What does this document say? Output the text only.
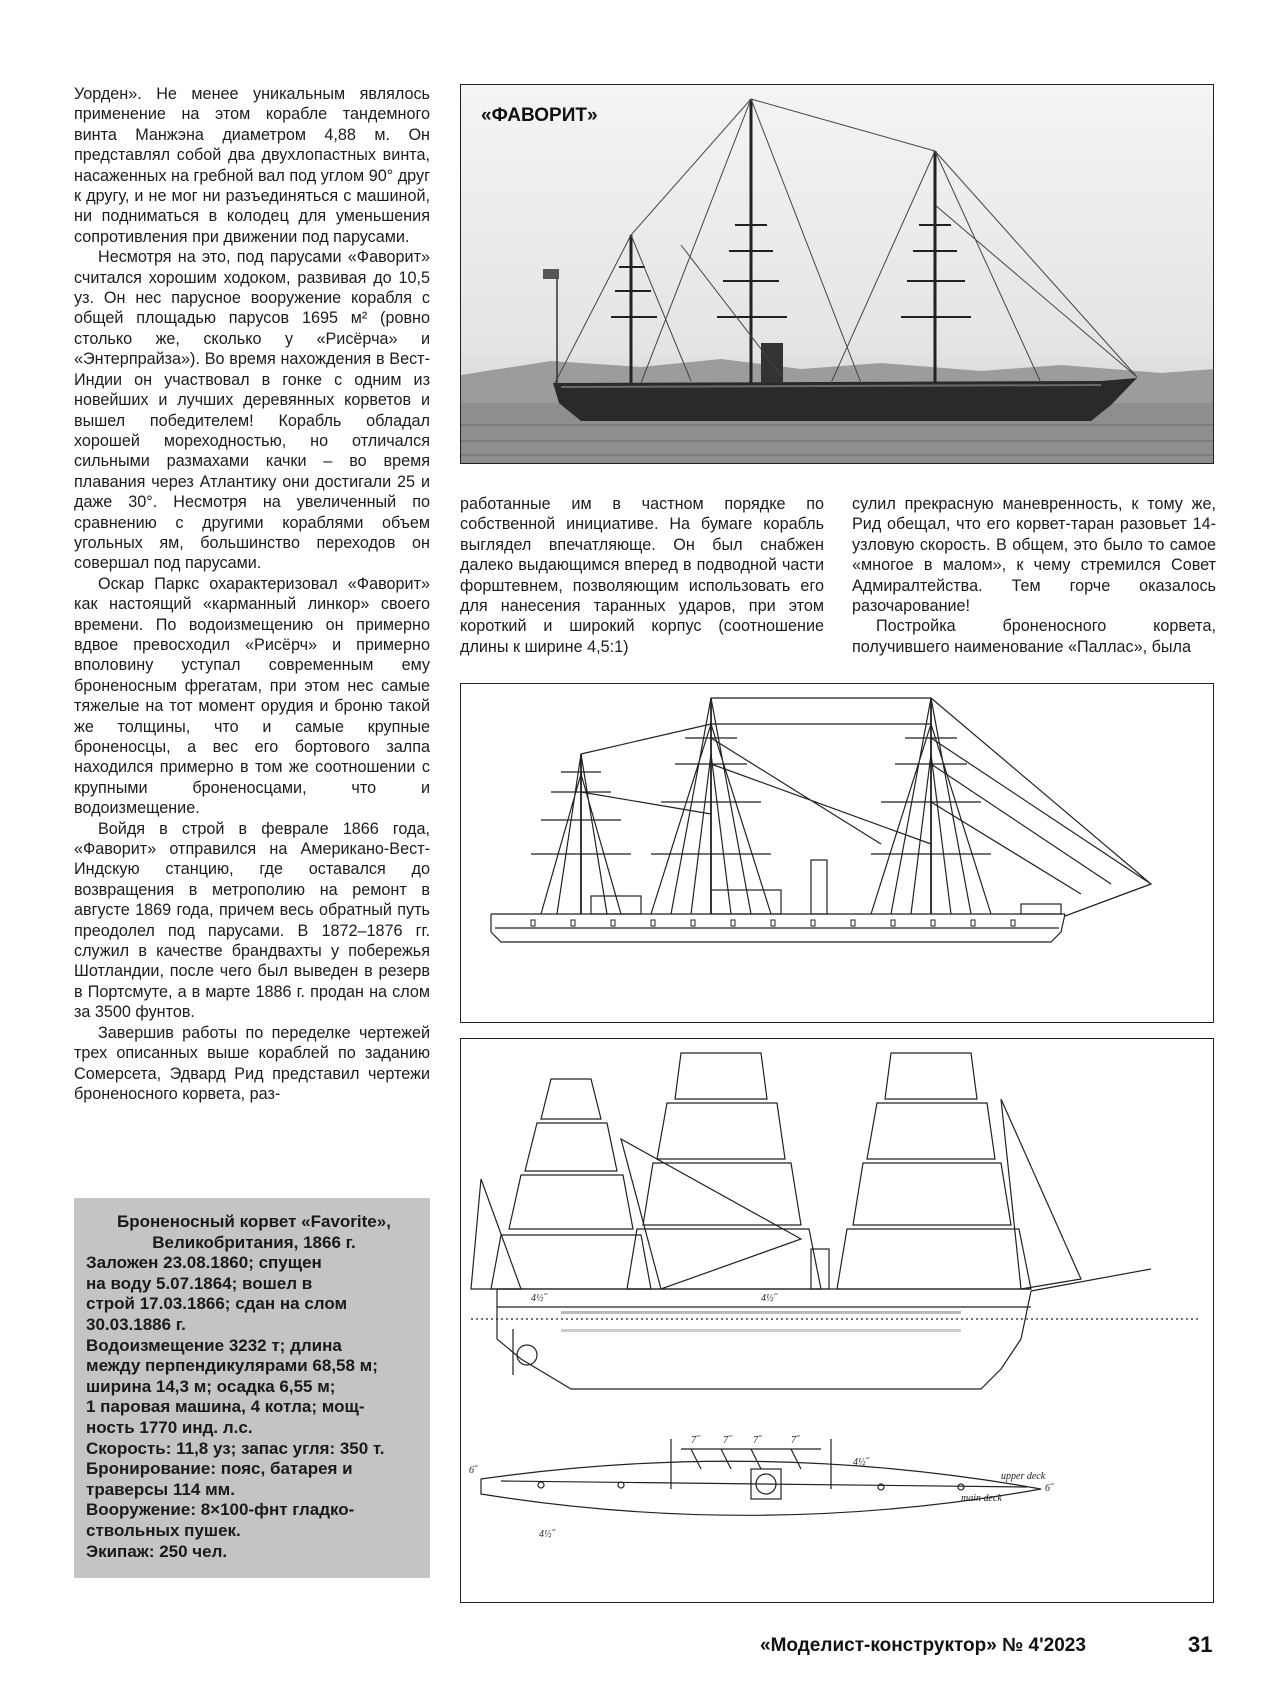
Уорден». Не менее уникальным являлось применение на этом корабле тандемного винта Манжэна диаметром 4,88 м. Он представлял собой два двухлопастных винта, насаженных на гребной вал под углом 90° друг к другу, и не мог ни разъединяться с машиной, ни подниматься в колодец для уменьшения сопротивления при движении под парусами.

Несмотря на это, под парусами «Фаворит» считался хорошим ходоком, развивая до 10,5 уз. Он нес парусное вооружение корабля с общей площадью парусов 1695 м² (ровно столько же, сколько у «Рисёрча» и «Энтерпрайза»). Во время нахождения в Вест-Индии он участвовал в гонке с одним из новейших и лучших деревянных корветов и вышел победителем! Корабль обладал хорошей мореходностью, но отличался сильными размахами качки – во время плавания через Атлантику они достигали 25 и даже 30°. Несмотря на увеличенный по сравнению с другими кораблями объем угольных ям, большинство переходов он совершал под парусами.

Оскар Паркс охарактеризовал «Фаворит» как настоящий «карманный линкор» своего времени. По водоизмещению он примерно вдвое превосходил «Рисёрч» и примерно вполовину уступал современным ему броненосным фрегатам, при этом нес самые тяжелые на тот момент орудия и броню такой же толщины, что и самые крупные броненосцы, а вес его бортового залпа находился примерно в том же соотношении с крупными броненосцами, что и водоизмещение.

Войдя в строй в феврале 1866 года, «Фаворит» отправился на Американо-Вест-Индскую станцию, где оставался до возвращения в метрополию на ремонт в августе 1869 года, причем весь обратный путь преодолел под парусами. В 1872–1876 гг. служил в качестве брандвахты у побережья Шотландии, после чего был выведен в резерв в Портсмуте, а в марте 1886 г. продан на слом за 3500 фунтов.

Завершив работы по переделке чертежей трех описанных выше кораблей по заданию Сомерсета, Эдвард Рид представил чертежи броненосного корвета, раз-

«ФАВОРИТ»

работанные им в частном порядке по собственной инициативе. На бумаге корабль выглядел впечатляюще. Он был снабжен далеко выдающимся вперед в подводной части форштевнем, позволяющим использовать его для нанесения таранных ударов, при этом короткий и широкий корпус (соотношение длины к ширине 4,5:1)

сулил прекрасную маневренность, к тому же, Рид обещал, что его корвет-таран разовьет 14-узловую скорость. В общем, это было то самое «многое в малом», к чему стремился Совет Адмиралтейства. Тем горче оказалось разочарование!

Постройка броненосного корвета, получившего наименование «Паллас», была

upper deck
main deck
6˝
6˝
7˝ 7˝ 7˝	7˝
4½˝
4½˝
4½˝	4½˝
Броненосный корвет «Favorite»,
Великобритания, 1866 г.
Заложен 23.08.1860; спущен
на воду 5.07.1864; вошел в
строй 17.03.1866; сдан на слом
30.03.1886 г.
Водоизмещение 3232 т; длина
между перпендикулярами 68,58 м;
ширина 14,3 м; осадка 6,55 м;
1 паровая машина, 4 котла; мощ-
ность 1770 инд. л.с.
Скорость: 11,8 уз; запас угля: 350 т.
Бронирование: пояс, батарея и
траверсы 114 мм.
Вооружение: 8×100-фнт гладко-
ствольных пушек.
Экипаж: 250 чел.
«Моделист-конструктор» № 4'2023	31
